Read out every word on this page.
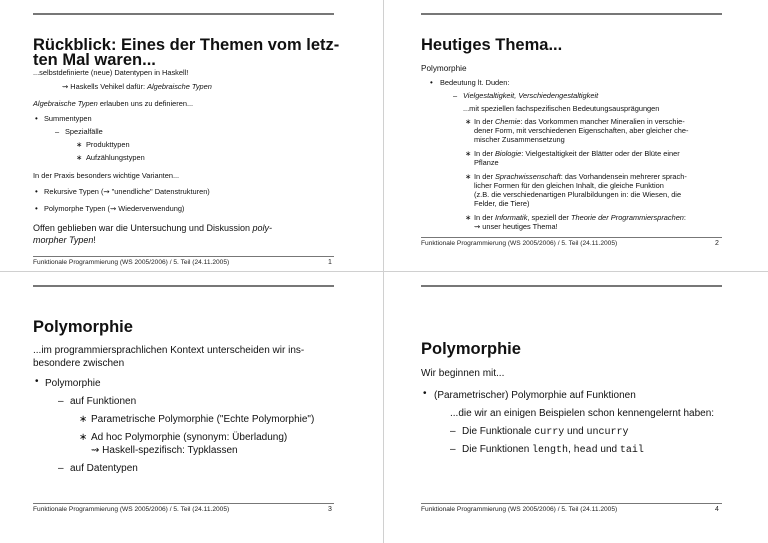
Rückblick: Eines der Themen vom letz-
ten Mal waren...
...selbstdefinierte (neue) Datentypen in Haskell!
⇝ Haskells Vehikel dafür: Algebraische Typen
Algebraische Typen erlauben uns zu definieren...
• Summentypen
– Spezialfälle
∗ Produkttypen
∗ Aufzählungstypen
In der Praxis besonders wichtige Varianten...
• Rekursive Typen (⇝ "unendliche" Datenstrukturen)
• Polymorphe Typen (⇝ Wiederverwendung)
Offen geblieben war die Untersuchung und Diskussion poly-
morpher Typen!
Funktionale Programmierung (WS 2005/2006) / 5. Teil (24.11.2005)	1
Heutiges Thema...
Polymorphie
• Bedeutung lt. Duden:
– Vielgestaltigkeit, Verschiedengestaltigkeit
...mit speziellen fachspezifischen Bedeutungsausprägungen
∗ In der Chemie: das Vorkommen mancher Mineralien in verschie-
dener Form, mit verschiedenen Eigenschaften, aber gleicher che-
mischer Zusammensetzung
∗ In der Biologie: Vielgestaltigkeit der Blätter oder der Blüte einer
Pflanze
∗ In der Sprachwissenschaft: das Vorhandensein mehrerer sprach-
licher Formen für den gleichen Inhalt, die gleiche Funktion
(z.B. die verschiedenartigen Pluralbildungen in: die Wiesen, die
Felder, die Tiere)
∗ In der Informatik, speziell der Theorie der Programmiersprachen:
⇝ unser heutiges Thema!
Funktionale Programmierung (WS 2005/2006) / 5. Teil (24.11.2005)	2
Polymorphie
...im programmiersprachlichen Kontext unterscheiden wir ins-
besondere zwischen
• Polymorphie
– auf Funktionen
∗ Parametrische Polymorphie ("Echte Polymorphie")
∗ Ad hoc Polymorphie (synonym: Überladung)
⇝ Haskell-spezifisch: Typklassen
– auf Datentypen
Funktionale Programmierung (WS 2005/2006) / 5. Teil (24.11.2005)	3
Polymorphie
Wir beginnen mit...
• (Parametrischer) Polymorphie auf Funktionen
...die wir an einigen Beispielen schon kennengelernt haben:
– Die Funktionale curry und uncurry
– Die Funktionen length, head und tail
Funktionale Programmierung (WS 2005/2006) / 5. Teil (24.11.2005)	4
